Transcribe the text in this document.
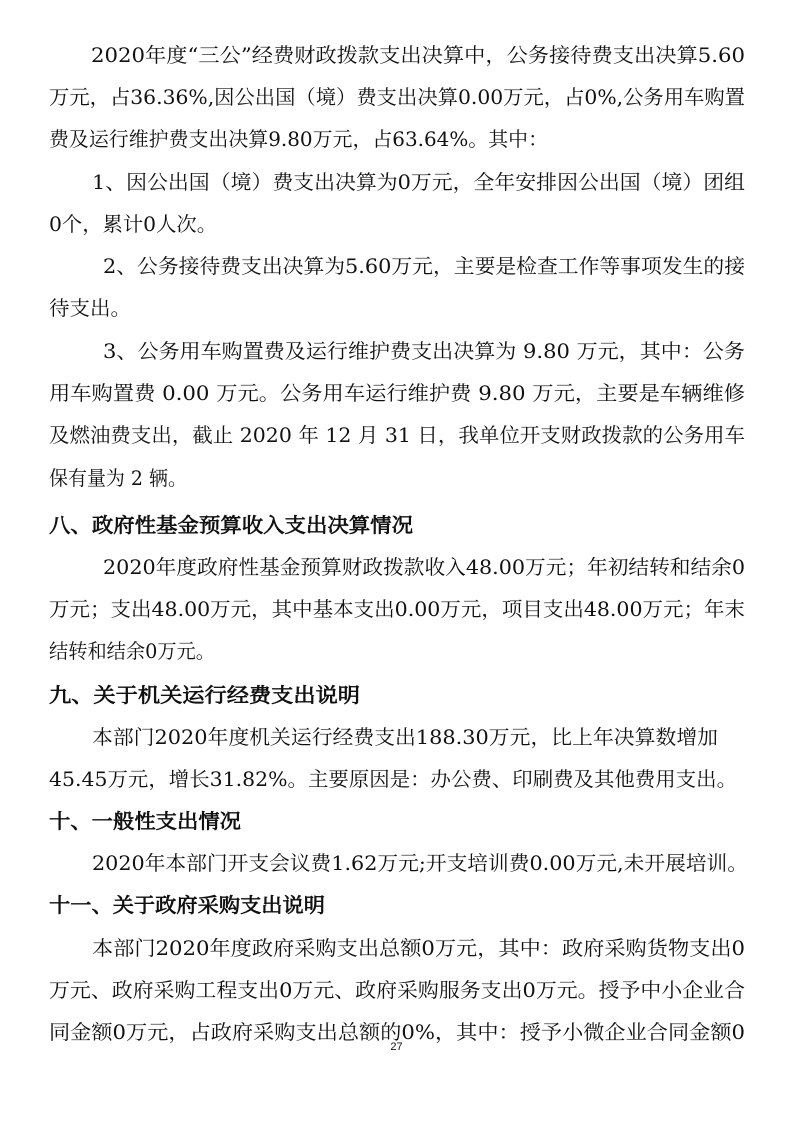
2020年度“三公”经费财政拨款支出决算中，公务接待费支出决算5.60
万元，占36.36%,因公出国（境）费支出决算0.00万元，占0%,公务用车购置
费及运行维护费支出决算9.80万元，占63.64%。其中：
1、因公出国（境）费支出决算为0万元，全年安排因公出国（境）团组
0个，累计0人次。
2、公务接待费支出决算为5.60万元，主要是检查工作等事项发生的接
待支出。
3、公务用车购置费及运行维护费支出决算为 9.80 万元，其中：公务
用车购置费 0.00 万元。公务用车运行维护费 9.80 万元，主要是车辆维修
及燃油费支出，截止 2020 年 12 月 31 日，我单位开支财政拨款的公务用车
保有量为 2 辆。
八、政府性基金预算收入支出决算情况
2020年度政府性基金预算财政拨款收入48.00万元；年初结转和结余0
万元；支出48.00万元，其中基本支出0.00万元，项目支出48.00万元；年末
结转和结余0万元。
九、关于机关运行经费支出说明
本部门2020年度机关运行经费支出188.30万元，比上年决算数增加
45.45万元，增长31.82%。主要原因是：办公费、印刷费及其他费用支出。
十、一般性支出情况
2020年本部门开支会议费1.62万元;开支培训费0.00万元,未开展培训。
十一、关于政府采购支出说明
本部门2020年度政府采购支出总额0万元，其中：政府采购货物支出0
万元、政府采购工程支出0万元、政府采购服务支出0万元。授予中小企业合
同金额0万元，占政府采购支出总额的0%，其中：授予小微企业合同金额0
27
